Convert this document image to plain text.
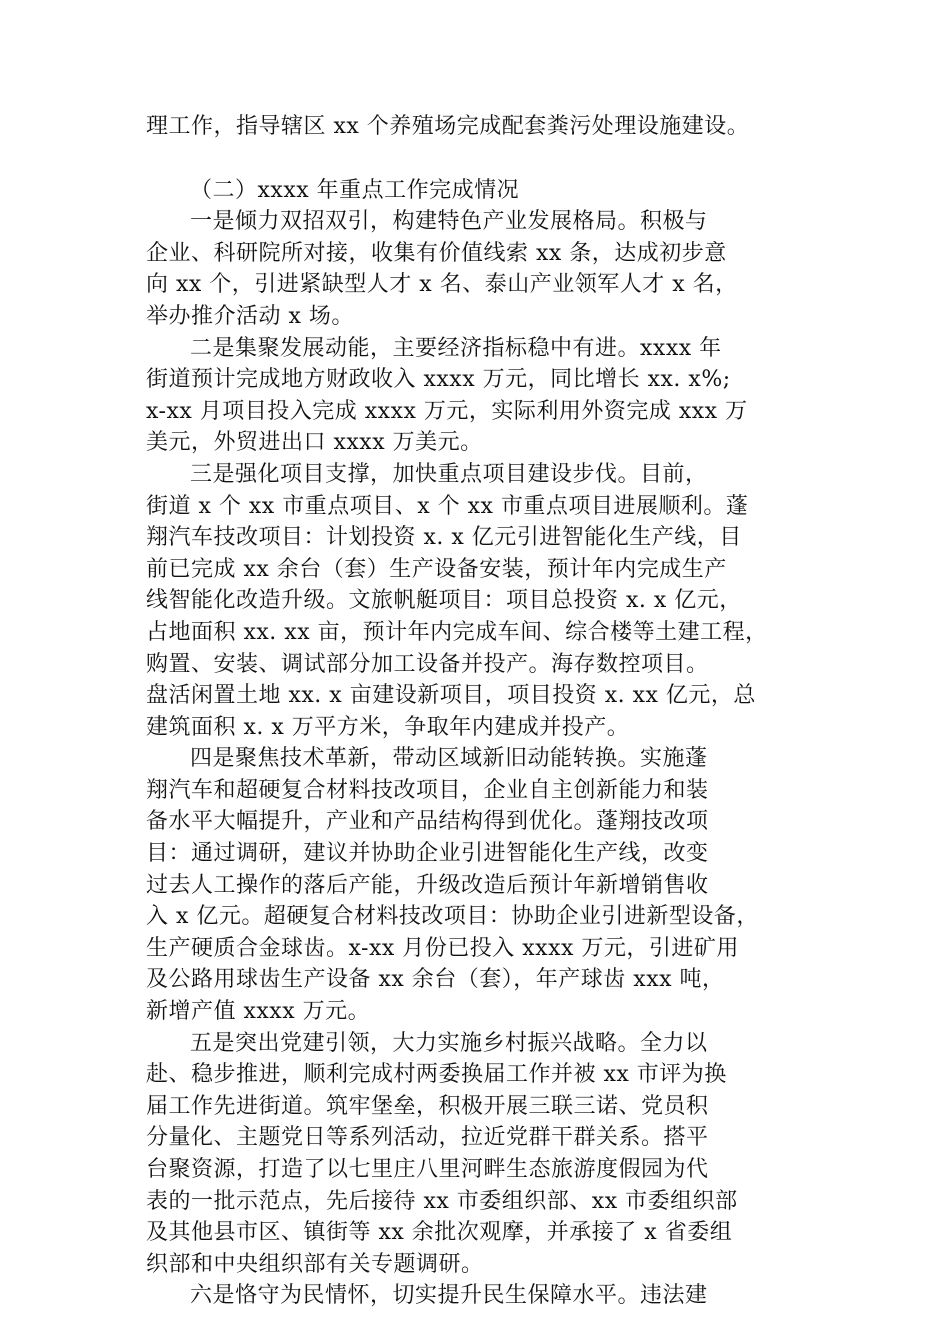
理工作，指导辖区 xx 个养殖场完成配套粪污处理设施建设。
（二）xxxx 年重点工作完成情况
一是倾力双招双引，构建特色产业发展格局。积极与
企业、科研院所对接，收集有价值线索 xx 条，达成初步意
向 xx 个，引进紧缺型人才 x 名、泰山产业领军人才 x 名，
举办推介活动 x 场。
二是集聚发展动能，主要经济指标稳中有进。xxxx 年
街道预计完成地方财政收入 xxxx 万元，同比增长 xx. x%;
x-xx 月项目投入完成 xxxx 万元，实际利用外资完成 xxx 万
美元，外贸进出口 xxxx 万美元。
三是强化项目支撑，加快重点项目建设步伐。目前，
街道 x 个 xx 市重点项目、x 个 xx 市重点项目进展顺利。蓬
翔汽车技改项目：计划投资 x. x 亿元引进智能化生产线，目
前已完成 xx 余台（套）生产设备安装，预计年内完成生产
线智能化改造升级。文旅帆艇项目：项目总投资 x. x 亿元，
占地面积 xx. xx 亩，预计年内完成车间、综合楼等土建工程，
购置、安装、调试部分加工设备并投产。海存数控项目。
盘活闲置土地 xx. x 亩建设新项目，项目投资 x. xx 亿元，总
建筑面积 x. x 万平方米，争取年内建成并投产。
四是聚焦技术革新，带动区域新旧动能转换。实施蓬
翔汽车和超硬复合材料技改项目，企业自主创新能力和装
备水平大幅提升，产业和产品结构得到优化。蓬翔技改项
目：通过调研，建议并协助企业引进智能化生产线，改变
过去人工操作的落后产能，升级改造后预计年新增销售收
入 x 亿元。超硬复合材料技改项目：协助企业引进新型设备，
生产硬质合金球齿。x-xx 月份已投入 xxxx 万元，引进矿用
及公路用球齿生产设备 xx 余台（套），年产球齿 xxx 吨，
新增产值 xxxx 万元。
五是突出党建引领，大力实施乡村振兴战略。全力以
赴、稳步推进，顺利完成村两委换届工作并被 xx 市评为换
届工作先进街道。筑牢堡垒，积极开展三联三诺、党员积
分量化、主题党日等系列活动，拉近党群干群关系。搭平
台聚资源，打造了以七里庄八里河畔生态旅游度假园为代
表的一批示范点，先后接待 xx 市委组织部、xx 市委组织部
及其他县市区、镇街等 xx 余批次观摩，并承接了 x 省委组
织部和中央组织部有关专题调研。
六是恪守为民情怀，切实提升民生保障水平。违法建
